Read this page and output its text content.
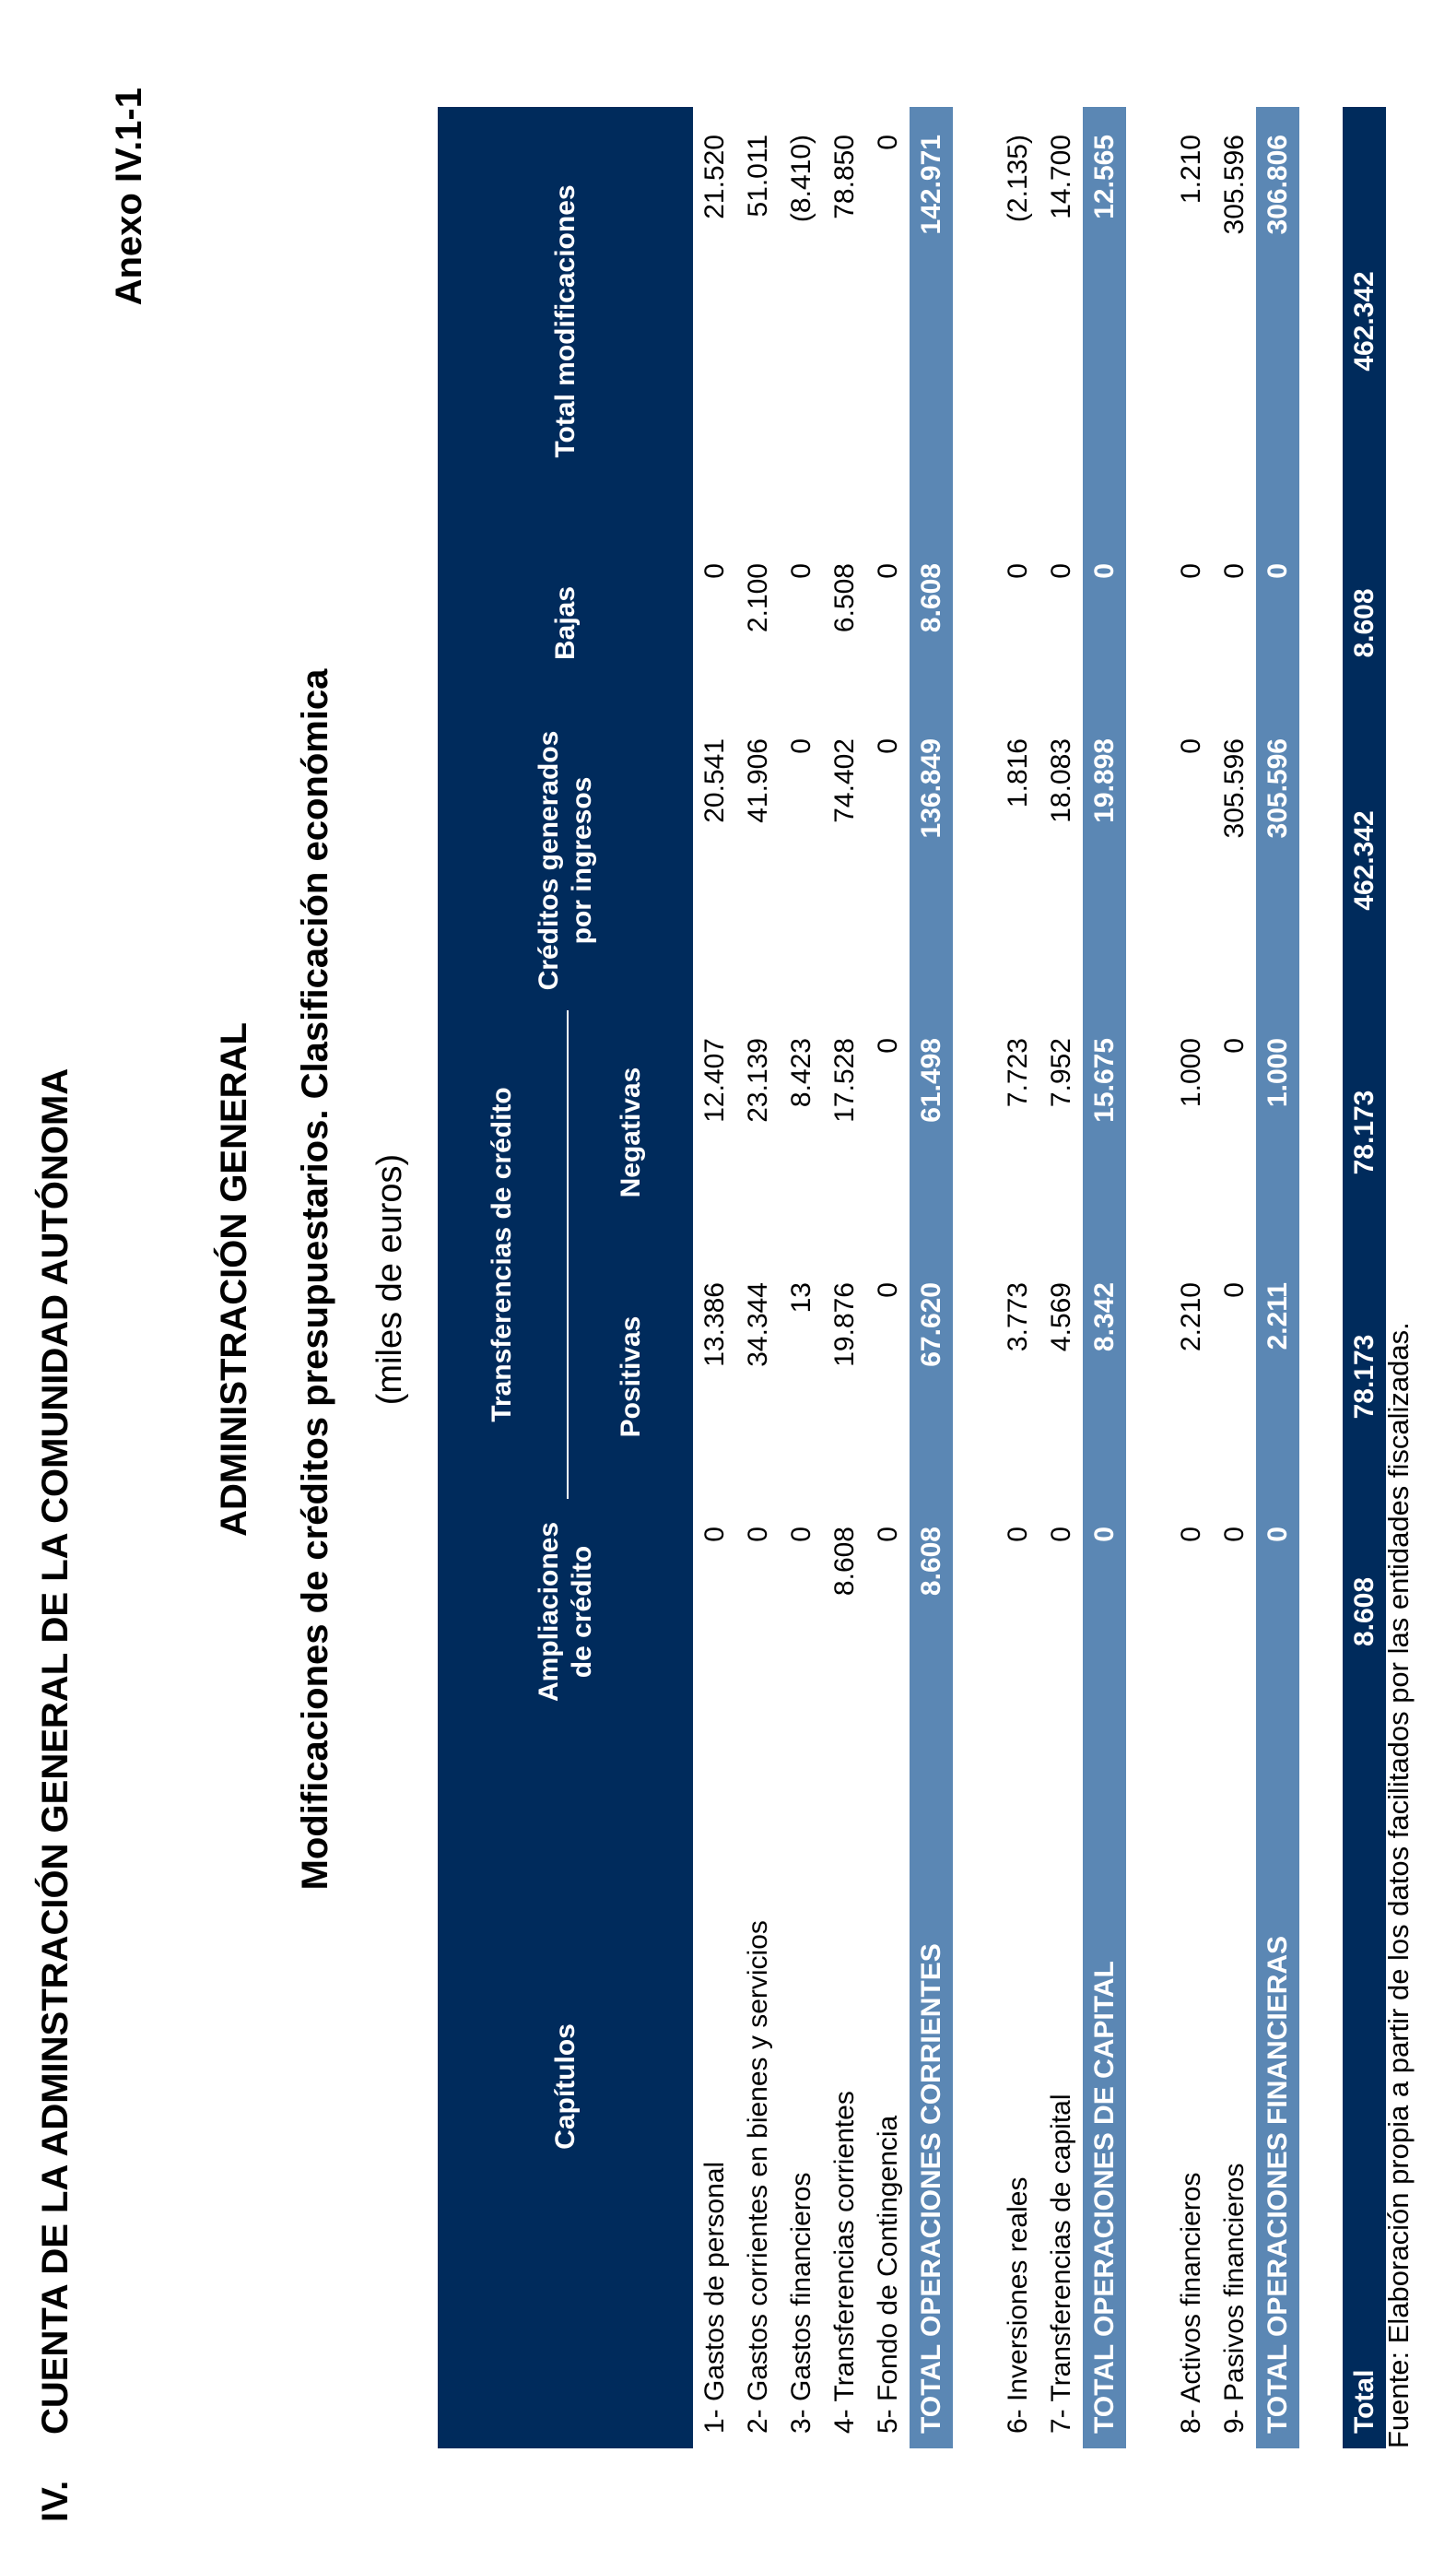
IV.CUENTA DE LA ADMINSTRACIÓN GENERAL DE LA COMUNIDAD AUTÓNOMA
Anexo IV.1-1
ADMINISTRACIÓN GENERAL Modificaciones de créditos presupuestarios. Clasificación económica (miles de euros)
Capítulos	Ampliaciones de crédito	Transferencias de crédito		Créditos generados por ingresos	Bajas	Total modificaciones
		Positivas	Negativas			
1- Gastos de personal	0	13.386	12.407	20.541	0	21.520
2- Gastos corrientes en bienes y servicios	0	34.344	23.139	41.906	2.100	51.011
3- Gastos financieros	0	13	8.423	0	0	(8.410)
4- Transferencias corrientes	8.608	19.876	17.528	74.402	6.508	78.850
5- Fondo de Contingencia	0	0	0	0	0	0
TOTAL OPERACIONES CORRIENTES	8.608	67.620	61.498	136.849	8.608	142.971

6- Inversiones reales	0	3.773	7.723	1.816	0	(2.135)
7- Transferencias de capital	0	4.569	7.952	18.083	0	14.700
TOTAL OPERACIONES DE CAPITAL	0	8.342	15.675	19.898	0	12.565

8- Activos financieros	0	2.210	1.000	0	0	1.210
9- Pasivos financieros	0	0	0	305.596	0	305.596
TOTAL OPERACIONES FINANCIERAS	0	2.211	1.000	305.596	0	306.806

Total	8.608	78.173	78.173	462.342	8.608	462.342
Fuente: Elaboración propia a partir de los datos facilitados por las entidades fiscalizadas.
